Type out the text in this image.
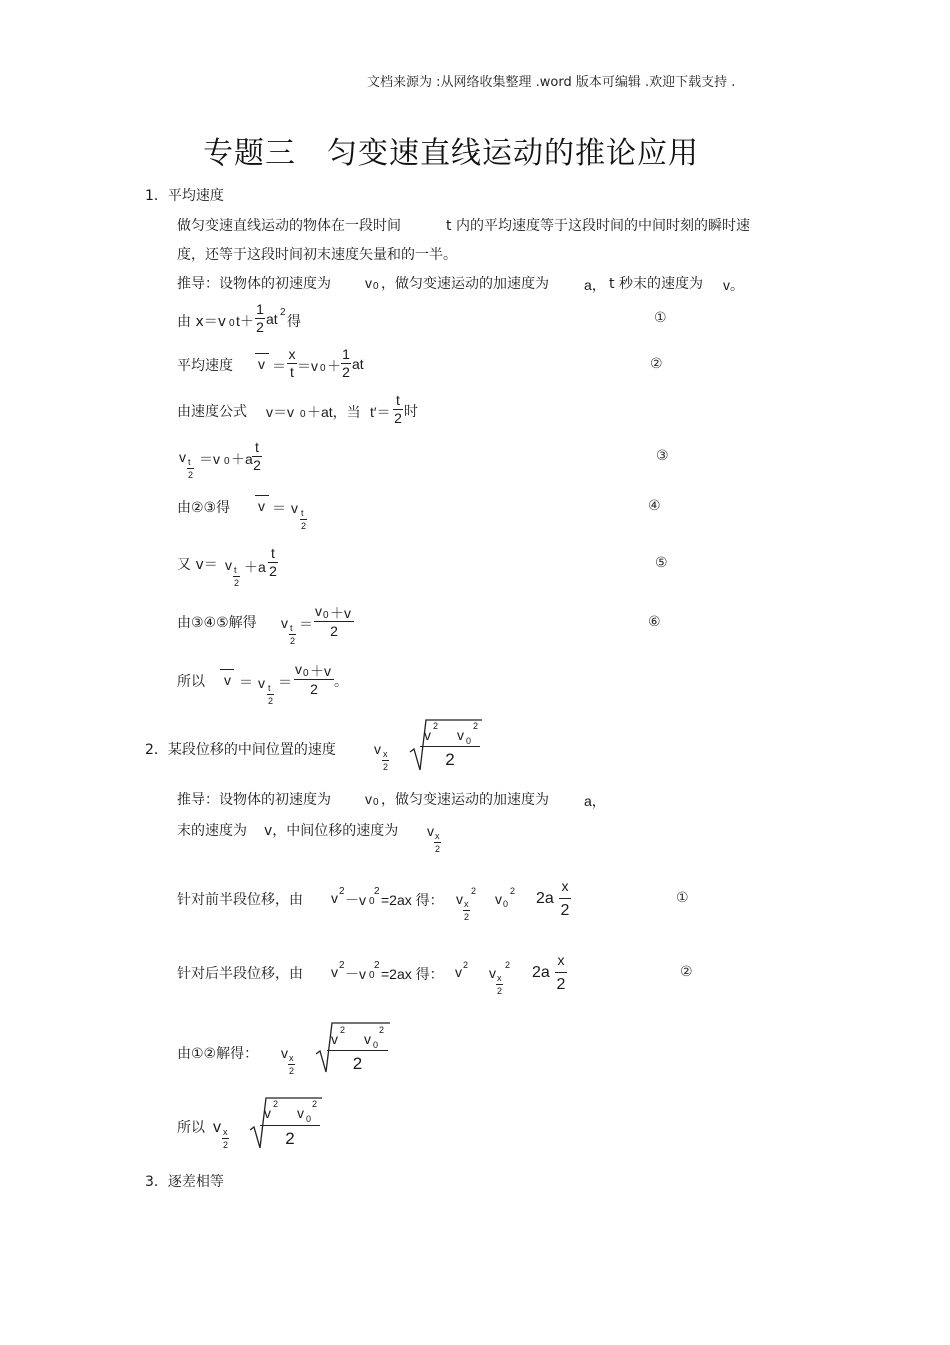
文档来源为 :从网络收集整理 .word 版本可编辑 .欢迎下载支持 .
专题三　匀变速直线运动的推论应用
1．平均速度
做匀变速直线运动的物体在一段时间	t 内的平均速度等于这段时间的中间时刻的瞬时速
度，还等于这段时间初末速度矢量和的一半。
推导：设物体的初速度为 v 0 ，做匀变速运动的加速度为	a， t 秒末的速度为 v。
由 x＝v 0 t＋
1
2 at 2
得	①
平均速度 v ＝
x
t ＝v 0 ＋
1
2 at	②
由速度公式 v＝v 0 ＋at，当 t′＝
t
2 时
v t
2
＝v 0 ＋a
t
2
③
由②③得 v ＝ v t
2
④
又 v＝ v t
2
＋a
t
2	⑤
由③④⑤解得 v t
2
＝
v 0 ＋v
2
⑥
所以 v ＝ v t
2
＝
v 0 ＋v
2	。
2．某段位移的中间位置的速度	v x
2
v
2
v 0
2
2
推导：设物体的初速度为 v 0 ，做匀变速运动的加速度为	a，
末的速度为 v，中间位移的速度为 v x
2
针对前半段位移，由 v 2
－v 0
2
=2ax 得： v x
2
2 v 0
2 2a
x
2
①
针对后半段位移，由 v 2
－v 0
2
=2ax 得： v 2 v x
2
2 2a
x
2
②
由①②解得： v x
2
v
2
v 0
2
2
所以 v x
2
v
2
v 0
2
2
3．逐差相等
